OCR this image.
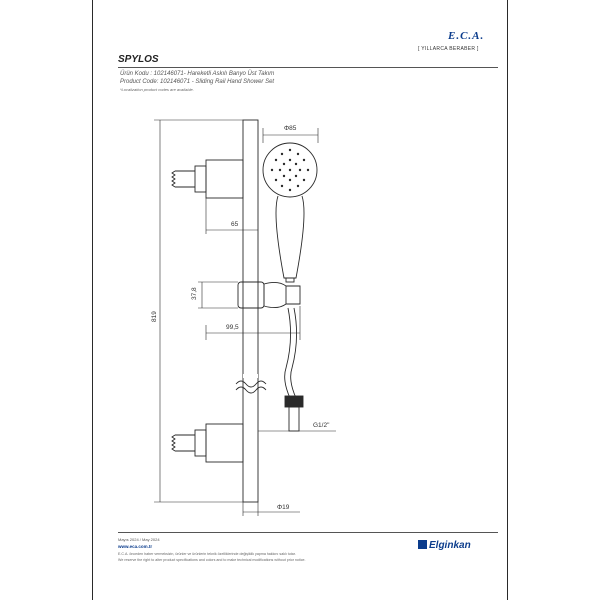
E.C.A.
[ YILLARCA BERABER ]
SPYLOS
Ürün Kodu : 102146071- Hareketli Askılı Banyo Üst Takım
Product Code: 102146071 - Sliding Rail Hand Shower Set
*Localization product codes are available.
Φ85
65
37,8
99,5
819
G1/2"
Φ19
Mayıs 2024 / May 2024
www.eca.com.tr
E.C.A. önceden haber vermeksizin, ürünler ve ürünlerin teknik özelliklerinde değişiklik yapma hakkını saklı tutar.
We reserve the right to alter product specifications and colors and to make technical modifications without prior notice.
Elginkan
